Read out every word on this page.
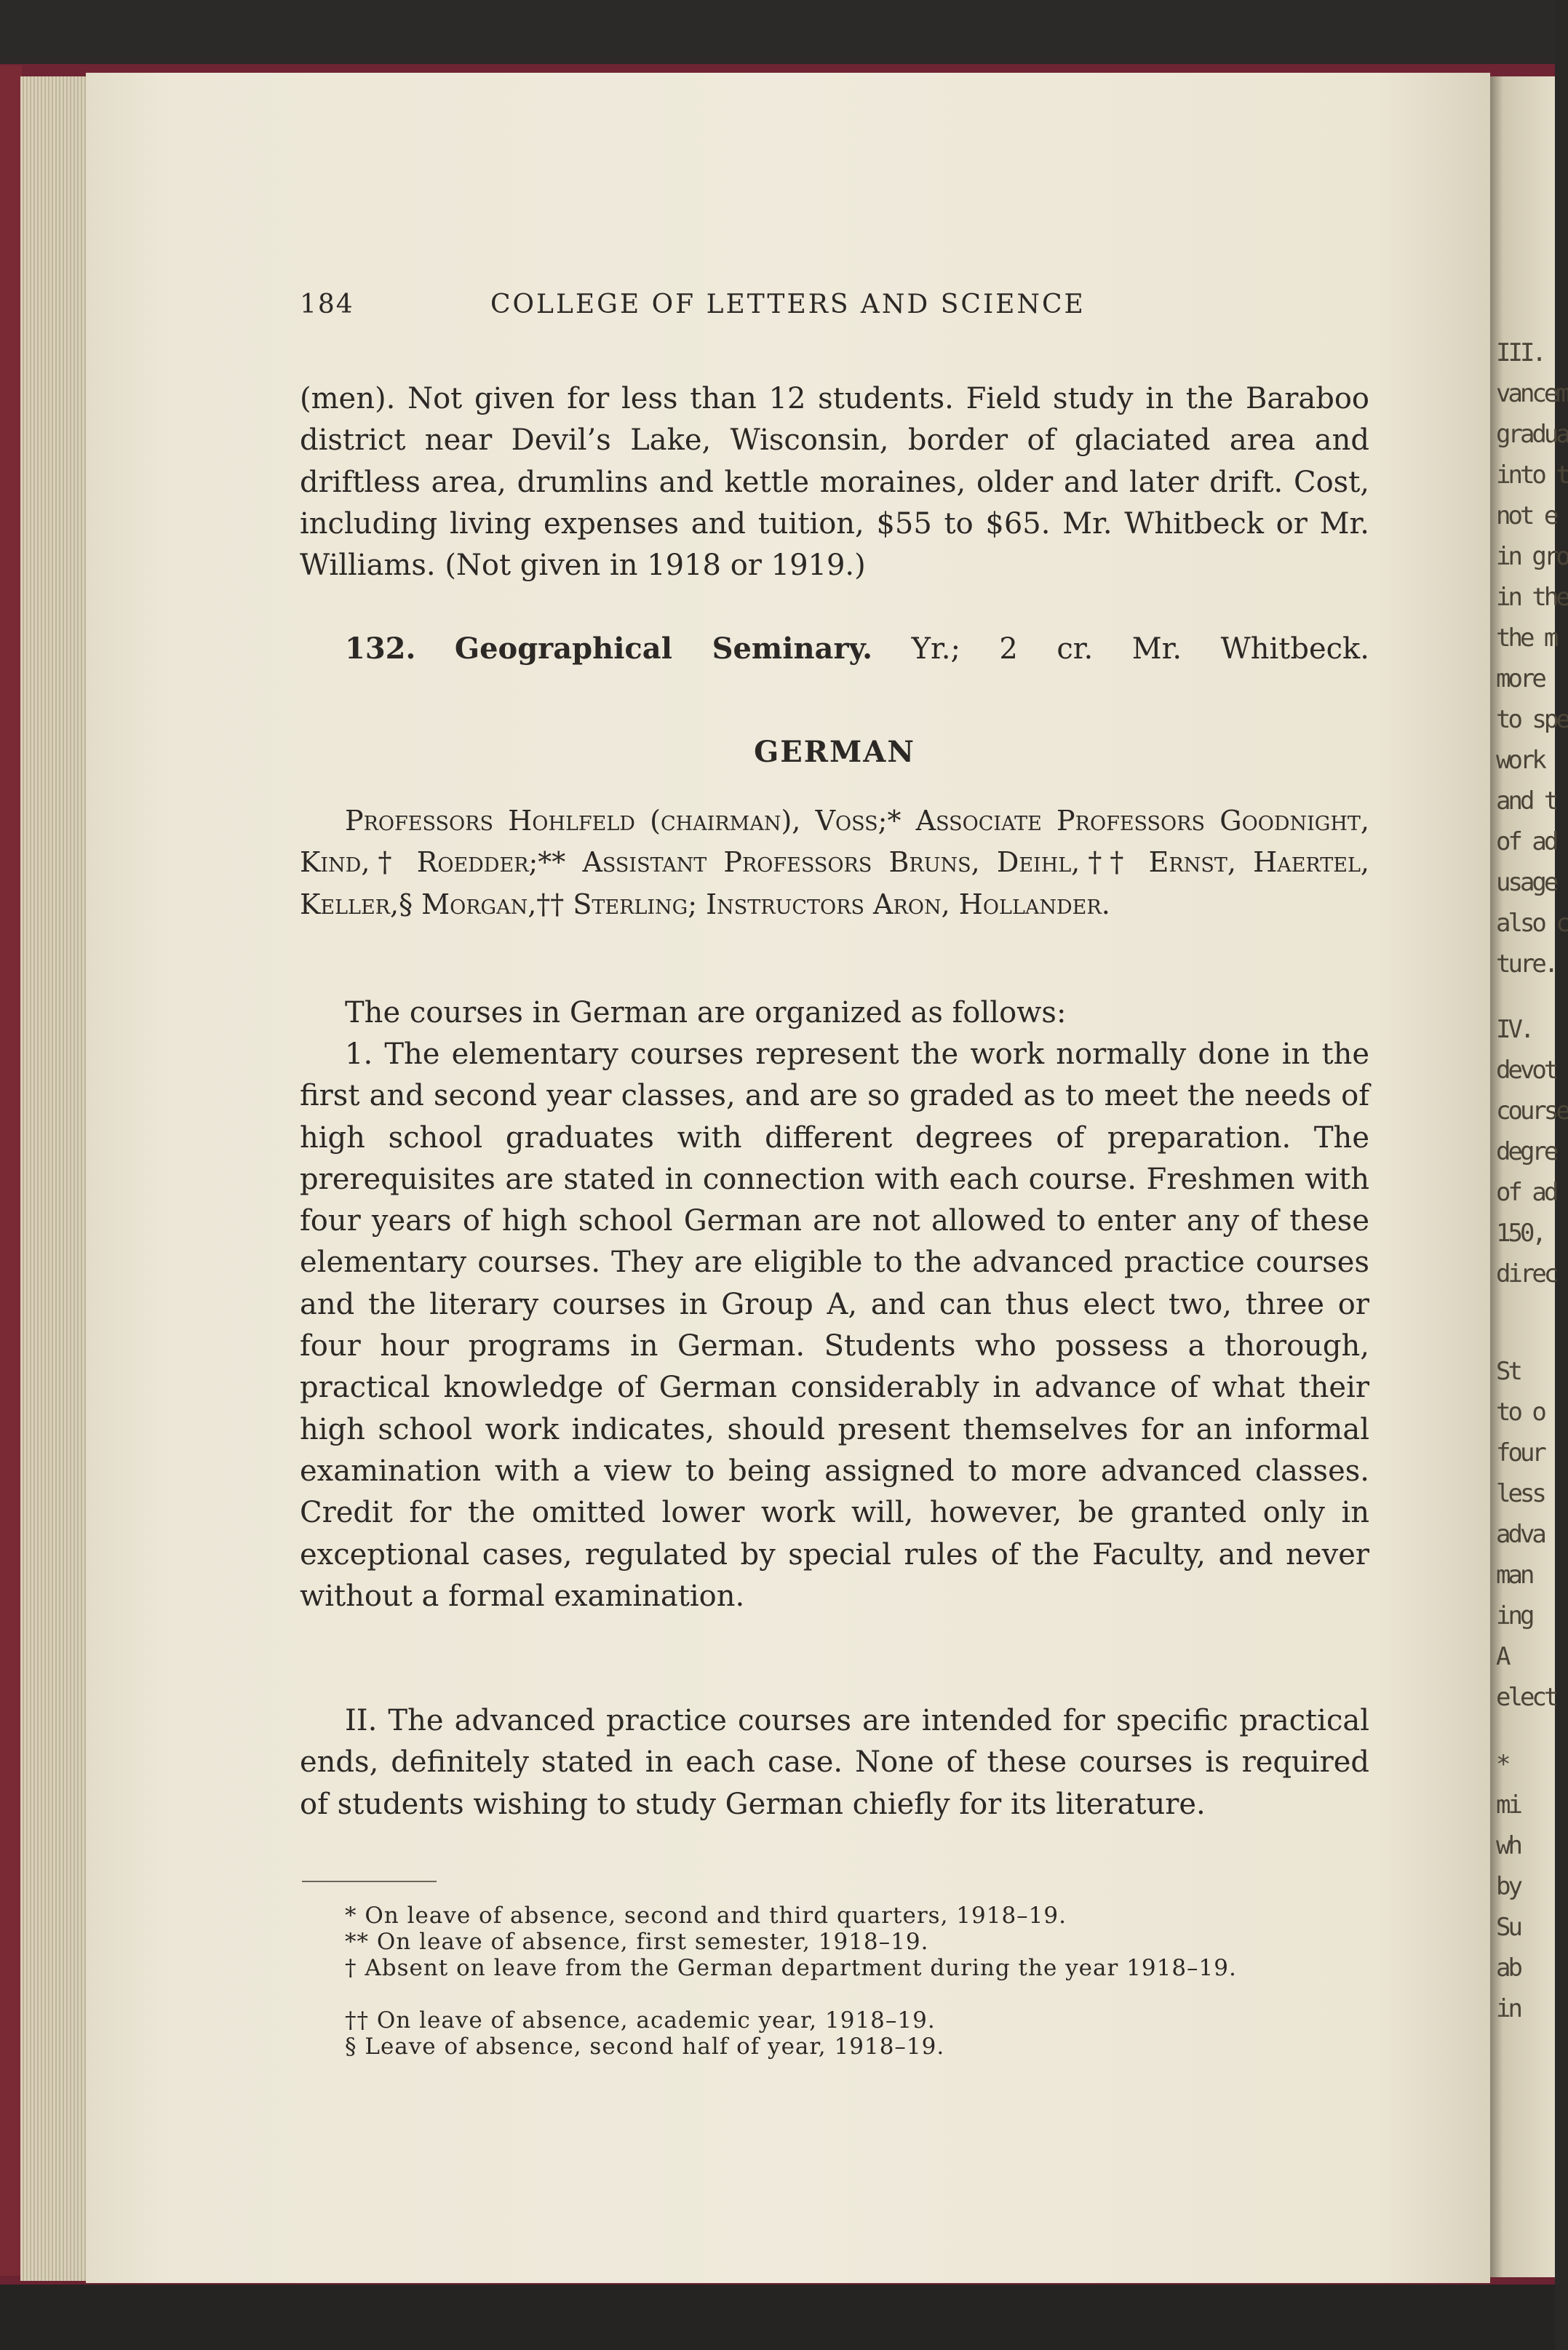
III.
vancem
gradua
into t
not e
in gro
in the
the m
more
to spe
work
and t
of ad
usage
also c
ture.
IV.
devot
course
degre
of ad
150,
direc
St
to o
four
less
adva
man
ing
A
elect
*
mi
wh
by
Su
ab
in
184	COLLEGE OF LETTERS AND SCIENCE

(men). Not given for less than 12 students. Field study in the Baraboo district near Devil’s Lake, Wisconsin, border of glaciated area and driftless area, drumlins and kettle moraines, older and later drift. Cost, including living expenses and tuition, $55 to $65. Mr. Whitbeck or Mr. Williams. (Not given in 1918 or 1919.)

132. Geographical Seminary. Yr.; 2 cr. Mr. Whitbeck.

GERMAN

Professors Hohlfeld (chairman), Voss;* Associate Professors Goodnight, Kind,† Roedder;** Assistant Professors Bruns, Deihl,†† Ernst, Haertel, Keller,§ Morgan,†† Sterling; Instructors Aron, Hollander.

The courses in German are organized as follows:

1. The elementary courses represent the work normally done in the first and second year classes, and are so graded as to meet the needs of high school graduates with different degrees of preparation. The prerequisites are stated in connection with each course. Freshmen with four years of high school German are not allowed to enter any of these elementary courses. They are eligible to the advanced practice courses and the literary courses in Group A, and can thus elect two, three or four hour programs in German. Students who possess a thorough, practical knowledge of German considerably in advance of what their high school work indicates, should present themselves for an informal examination with a view to being assigned to more advanced classes. Credit for the omitted lower work will, however, be granted only in exceptional cases, regulated by special rules of the Faculty, and never without a formal examination.

II. The advanced practice courses are intended for specific practical ends, definitely stated in each case. None of these courses is required of students wishing to study German chiefly for its literature.

* On leave of absence, second and third quarters, 1918–19.

** On leave of absence, first semester, 1918–19.

† Absent on leave from the German department during the year 1918–19.

†† On leave of absence, academic year, 1918–19.

§ Leave of absence, second half of year, 1918–19.
